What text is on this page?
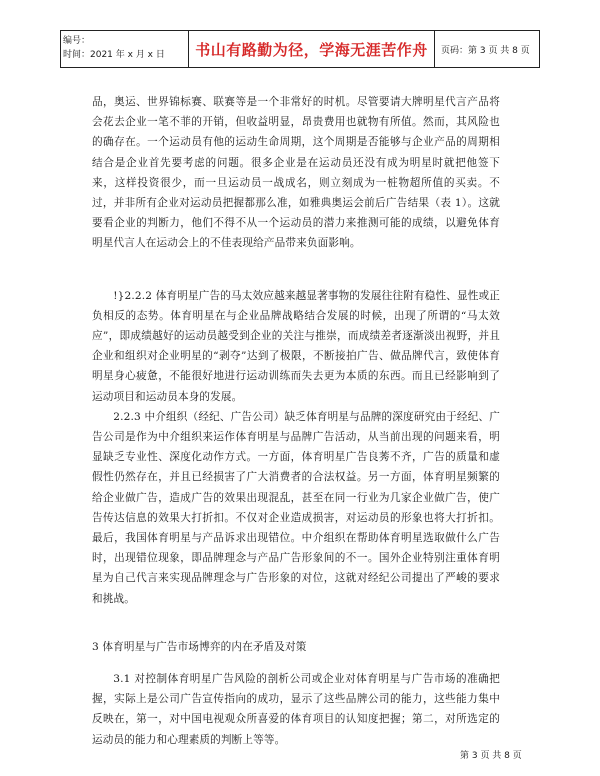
编号：
时间：2021 年 x 月 x 日	书山有路勤为径，学海无涯苦作舟	页码：第 3 页 共 8 页

品，奥运、世界锦标赛、联赛等是一个非常好的时机。尽管要请大牌明星代言产品将会花去企业一笔不菲的开销，但收益明显，昂贵费用也就物有所值。然而，其风险也的确存在。一个运动员有他的运动生命周期，这个周期是否能够与企业产品的周期相结合是企业首先要考虑的问题。很多企业是在运动员还没有成为明星时就把他签下来，这样投资很少，而一旦运动员一战成名，则立刻成为一桩物超所值的买卖。不过，并非所有企业对运动员把握都那么准，如雅典奥运会前后广告结果（表 1）。这就要看企业的判断力，他们不得不从一个运动员的潜力来推测可能的成绩，以避免体育明星代言人在运动会上的不佳表现给产品带来负面影响。

!}2.2.2 体育明星广告的马太效应越来越显著事物的发展往往附有稳性、显性或正负相反的态势。体育明星在与企业品牌战略结合发展的时候，出现了所谓的“马太效应”，即成绩越好的运动员越受到企业的关注与推崇，而成绩差者逐渐淡出视野，并且企业和组织对企业明星的“剥夺”达到了极限，不断接拍广告、做品牌代言，致使体育明星身心疲惫，不能很好地进行运动训练而失去更为本质的东西。而且已经影响到了运动项目和运动员本身的发展。

2.2.3 中介组织（经纪、广告公司）缺乏体育明星与品牌的深度研究由于经纪、广告公司是作为中介组织来运作体育明星与品牌广告活动，从当前出现的问题来看，明显缺乏专业性、深度化动作方式。一方面，体育明星广告良莠不齐，广告的质量和虚假性仍然存在，并且已经损害了广大消费者的合法权益。另一方面，体育明星频繁的给企业做广告，造成广告的效果出现混乱，甚至在同一行业为几家企业做广告，使广告传达信息的效果大打折扣。不仅对企业造成损害，对运动员的形象也将大打折扣。最后，我国体育明星与产品诉求出现错位。中介组织在帮助体育明星选取做什么广告时，出现错位现象，即品牌理念与产品广告形象间的不一。国外企业特别注重体育明星为自己代言来实现品牌理念与广告形象的对位，这就对经纪公司提出了严峻的要求和挑战。

3 体育明星与广告市场博弈的内在矛盾及对策

3.1 对控制体育明星广告风险的剖析公司或企业对体育明星与广告市场的准确把握，实际上是公司广告宣传指向的成功，显示了这些品牌公司的能力，这些能力集中反映在，第一，对中国电视观众所喜爱的体育项目的认知度把握；第二，对所选定的运动员的能力和心理素质的判断上等等。

第 3 页 共 8 页
